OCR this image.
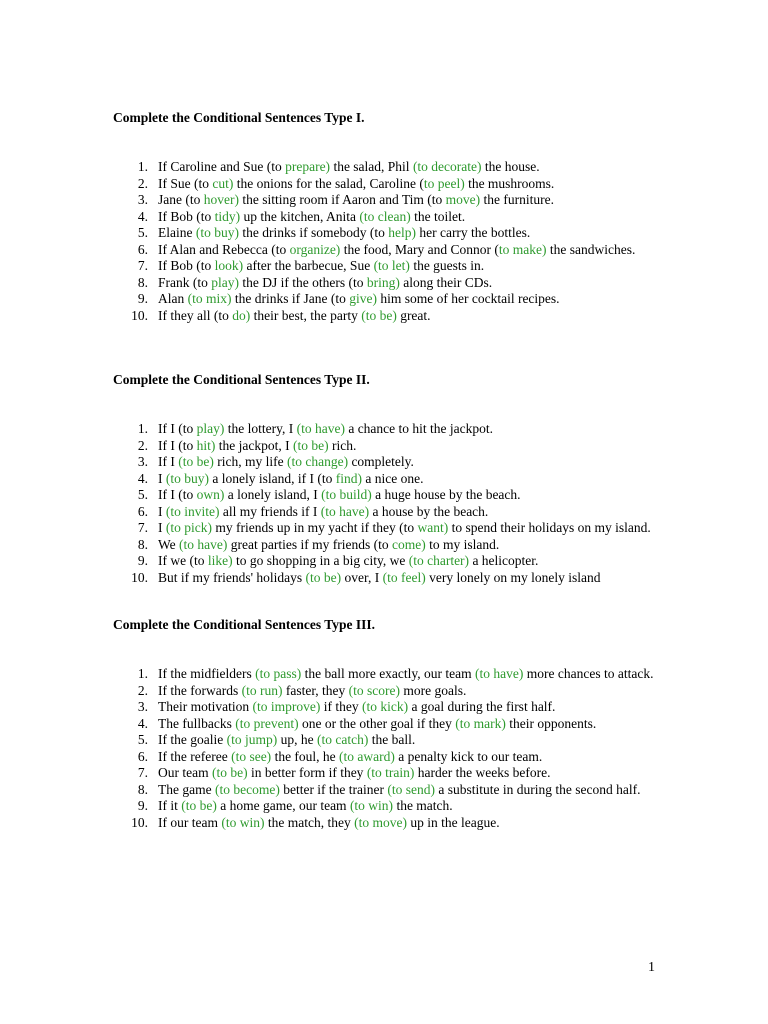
Complete the Conditional Sentences Type I.
1. If Caroline and Sue (to prepare) the salad, Phil (to decorate) the house.
2. If Sue (to cut) the onions for the salad, Caroline (to peel) the mushrooms.
3. Jane (to hover) the sitting room if Aaron and Tim (to move) the furniture.
4. If Bob (to tidy) up the kitchen, Anita (to clean) the toilet.
5. Elaine (to buy) the drinks if somebody (to help) her carry the bottles.
6. If Alan and Rebecca (to organize) the food, Mary and Connor (to make) the sandwiches.
7. If Bob (to look) after the barbecue, Sue (to let) the guests in.
8. Frank (to play) the DJ if the others (to bring) along their CDs.
9. Alan (to mix) the drinks if Jane (to give) him some of her cocktail recipes.
10. If they all (to do) their best, the party (to be) great.
Complete the Conditional Sentences Type II.
1. If I (to play) the lottery, I (to have) a chance to hit the jackpot.
2. If I (to hit) the jackpot, I (to be) rich.
3. If I (to be) rich, my life (to change) completely.
4. I (to buy) a lonely island, if I (to find) a nice one.
5. If I (to own) a lonely island, I (to build) a huge house by the beach.
6. I (to invite) all my friends if I (to have) a house by the beach.
7. I (to pick) my friends up in my yacht if they (to want) to spend their holidays on my island.
8. We (to have) great parties if my friends (to come) to my island.
9. If we (to like) to go shopping in a big city, we (to charter) a helicopter.
10. But if my friends' holidays (to be) over, I (to feel) very lonely on my lonely island
Complete the Conditional Sentences Type III.
1. If the midfielders (to pass) the ball more exactly, our team (to have) more chances to attack.
2. If the forwards (to run) faster, they (to score) more goals.
3. Their motivation (to improve) if they (to kick) a goal during the first half.
4. The fullbacks (to prevent) one or the other goal if they (to mark) their opponents.
5. If the goalie (to jump) up, he (to catch) the ball.
6. If the referee (to see) the foul, he (to award) a penalty kick to our team.
7. Our team (to be) in better form if they (to train) harder the weeks before.
8. The game (to become) better if the trainer (to send) a substitute in during the second half.
9. If it (to be) a home game, our team (to win) the match.
10. If our team (to win) the match, they (to move) up in the league.
1
